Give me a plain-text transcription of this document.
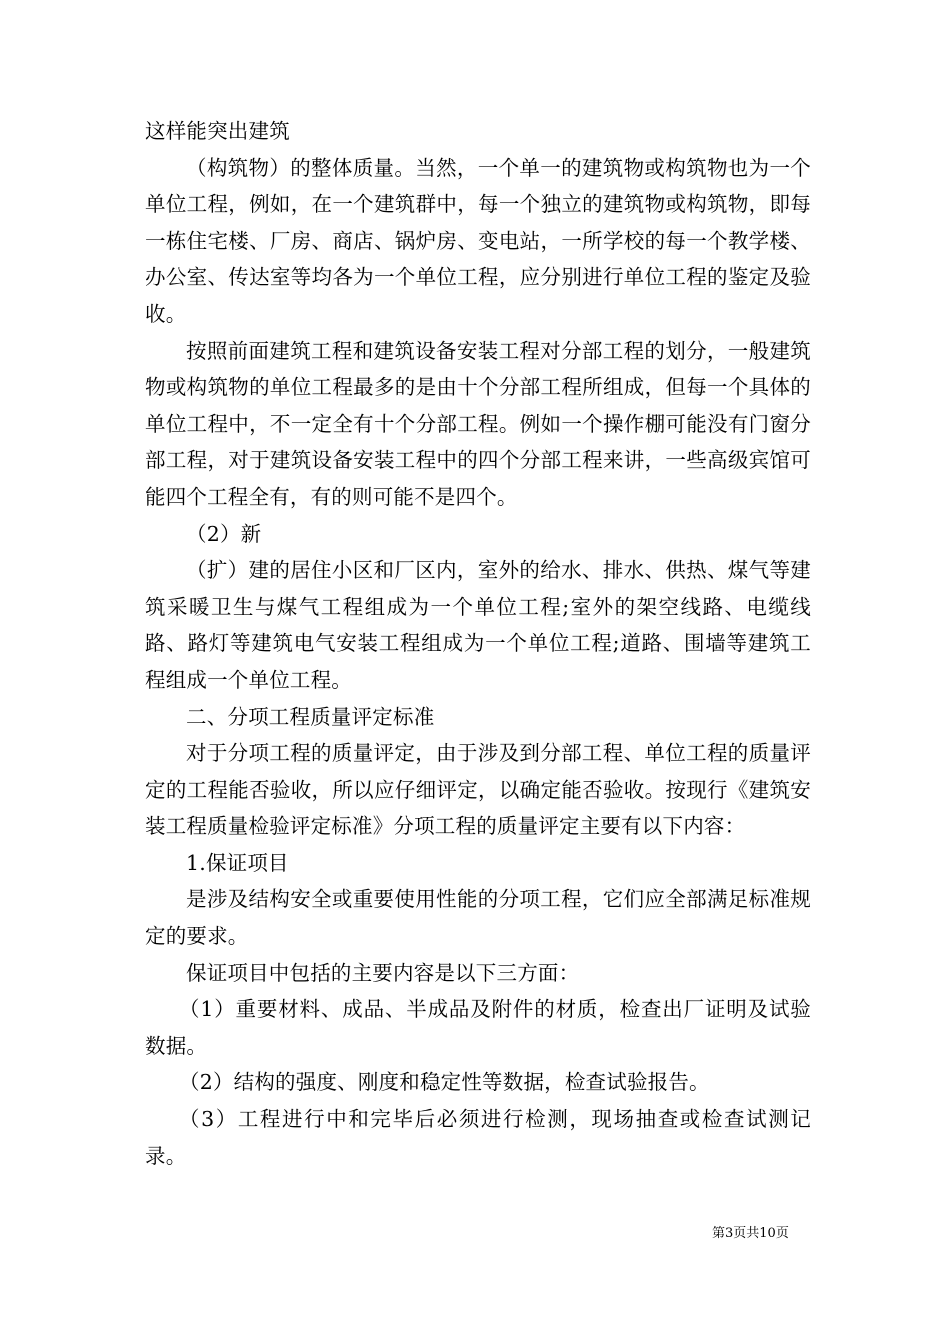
这样能突出建筑

（构筑物）的整体质量。当然，一个单一的建筑物或构筑物也为一个单位工程，例如，在一个建筑群中，每一个独立的建筑物或构筑物，即每一栋住宅楼、厂房、商店、锅炉房、变电站，一所学校的每一个教学楼、办公室、传达室等均各为一个单位工程，应分别进行单位工程的鉴定及验收。

按照前面建筑工程和建筑设备安装工程对分部工程的划分，一般建筑物或构筑物的单位工程最多的是由十个分部工程所组成，但每一个具体的单位工程中，不一定全有十个分部工程。例如一个操作棚可能没有门窗分部工程，对于建筑设备安装工程中的四个分部工程来讲，一些高级宾馆可能四个工程全有，有的则可能不是四个。

（2）新

（扩）建的居住小区和厂区内，室外的给水、排水、供热、煤气等建筑采暖卫生与煤气工程组成为一个单位工程;室外的架空线路、电缆线路、路灯等建筑电气安装工程组成为一个单位工程;道路、围墙等建筑工程组成一个单位工程。

二、分项工程质量评定标准

对于分项工程的质量评定，由于涉及到分部工程、单位工程的质量评定的工程能否验收，所以应仔细评定，以确定能否验收。按现行《建筑安装工程质量检验评定标准》分项工程的质量评定主要有以下内容：

1.保证项目

是涉及结构安全或重要使用性能的分项工程，它们应全部满足标准规定的要求。

保证项目中包括的主要内容是以下三方面：

（1）重要材料、成品、半成品及附件的材质，检查出厂证明及试验数据。

（2）结构的强度、刚度和稳定性等数据，检查试验报告。

（3）工程进行中和完毕后必须进行检测，现场抽查或检查试测记录。

第3页共10页
